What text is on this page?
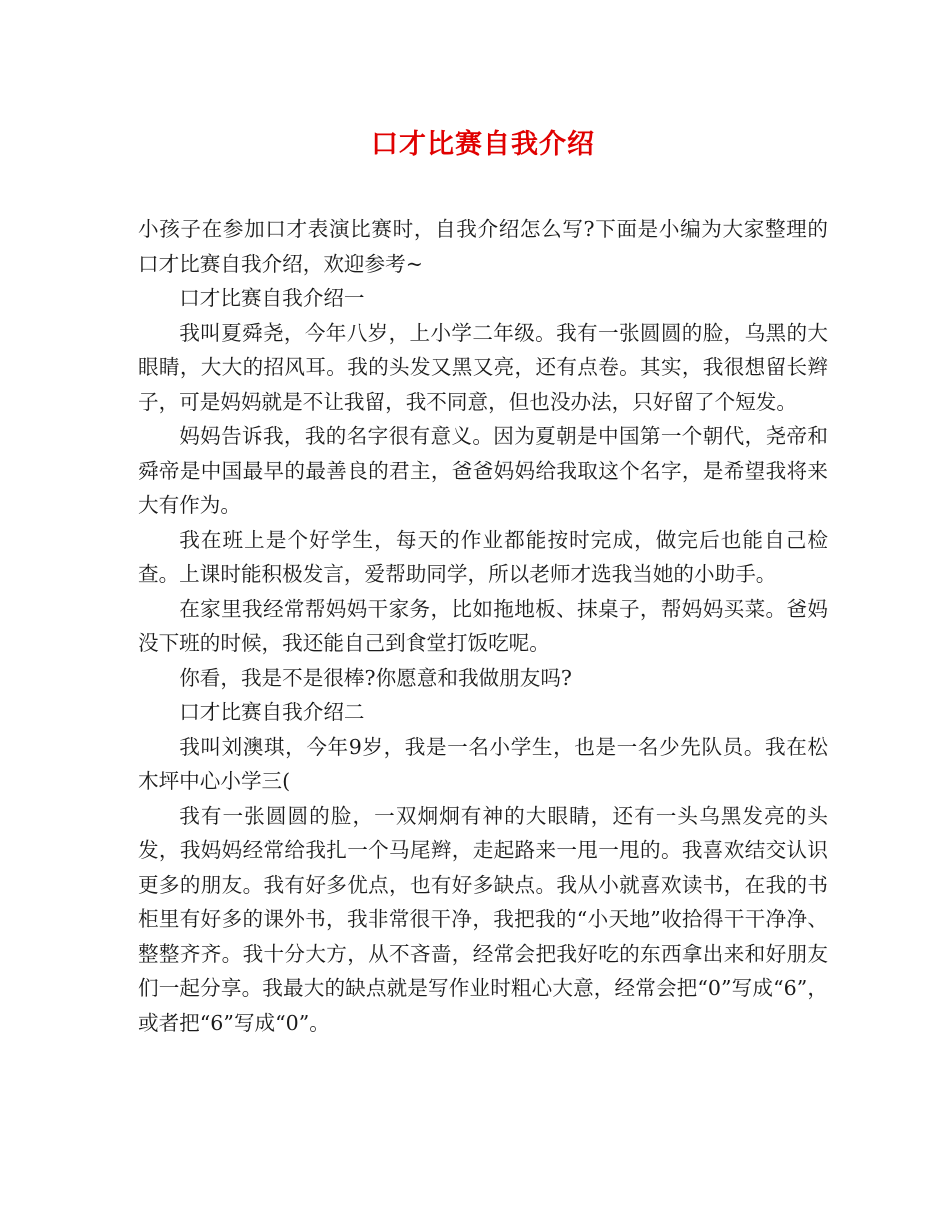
口才比赛自我介绍

小孩子在参加口才表演比赛时，自我介绍怎么写?下面是小编为大家整理的口才比赛自我介绍，欢迎参考~

口才比赛自我介绍一

我叫夏舜尧，今年八岁，上小学二年级。我有一张圆圆的脸，乌黑的大眼睛，大大的招风耳。我的头发又黑又亮，还有点卷。其实，我很想留长辫子，可是妈妈就是不让我留，我不同意，但也没办法，只好留了个短发。

妈妈告诉我，我的名字很有意义。因为夏朝是中国第一个朝代，尧帝和舜帝是中国最早的最善良的君主，爸爸妈妈给我取这个名字，是希望我将来大有作为。

我在班上是个好学生，每天的作业都能按时完成，做完后也能自己检查。上课时能积极发言，爱帮助同学，所以老师才选我当她的小助手。

在家里我经常帮妈妈干家务，比如拖地板、抹桌子，帮妈妈买菜。爸妈没下班的时候，我还能自己到食堂打饭吃呢。

你看，我是不是很棒?你愿意和我做朋友吗?

口才比赛自我介绍二

我叫刘澳琪，今年9岁，我是一名小学生，也是一名少先队员。我在松木坪中心小学三(

我有一张圆圆的脸，一双炯炯有神的大眼睛，还有一头乌黑发亮的头发，我妈妈经常给我扎一个马尾辫，走起路来一甩一甩的。我喜欢结交认识更多的朋友。我有好多优点，也有好多缺点。我从小就喜欢读书，在我的书柜里有好多的课外书，我非常很干净，我把我的“小天地”收拾得干干净净、整整齐齐。我十分大方，从不吝啬，经常会把我好吃的东西拿出来和好朋友们一起分享。我最大的缺点就是写作业时粗心大意，经常会把“0”写成“6”，或者把“6”写成“0”。
